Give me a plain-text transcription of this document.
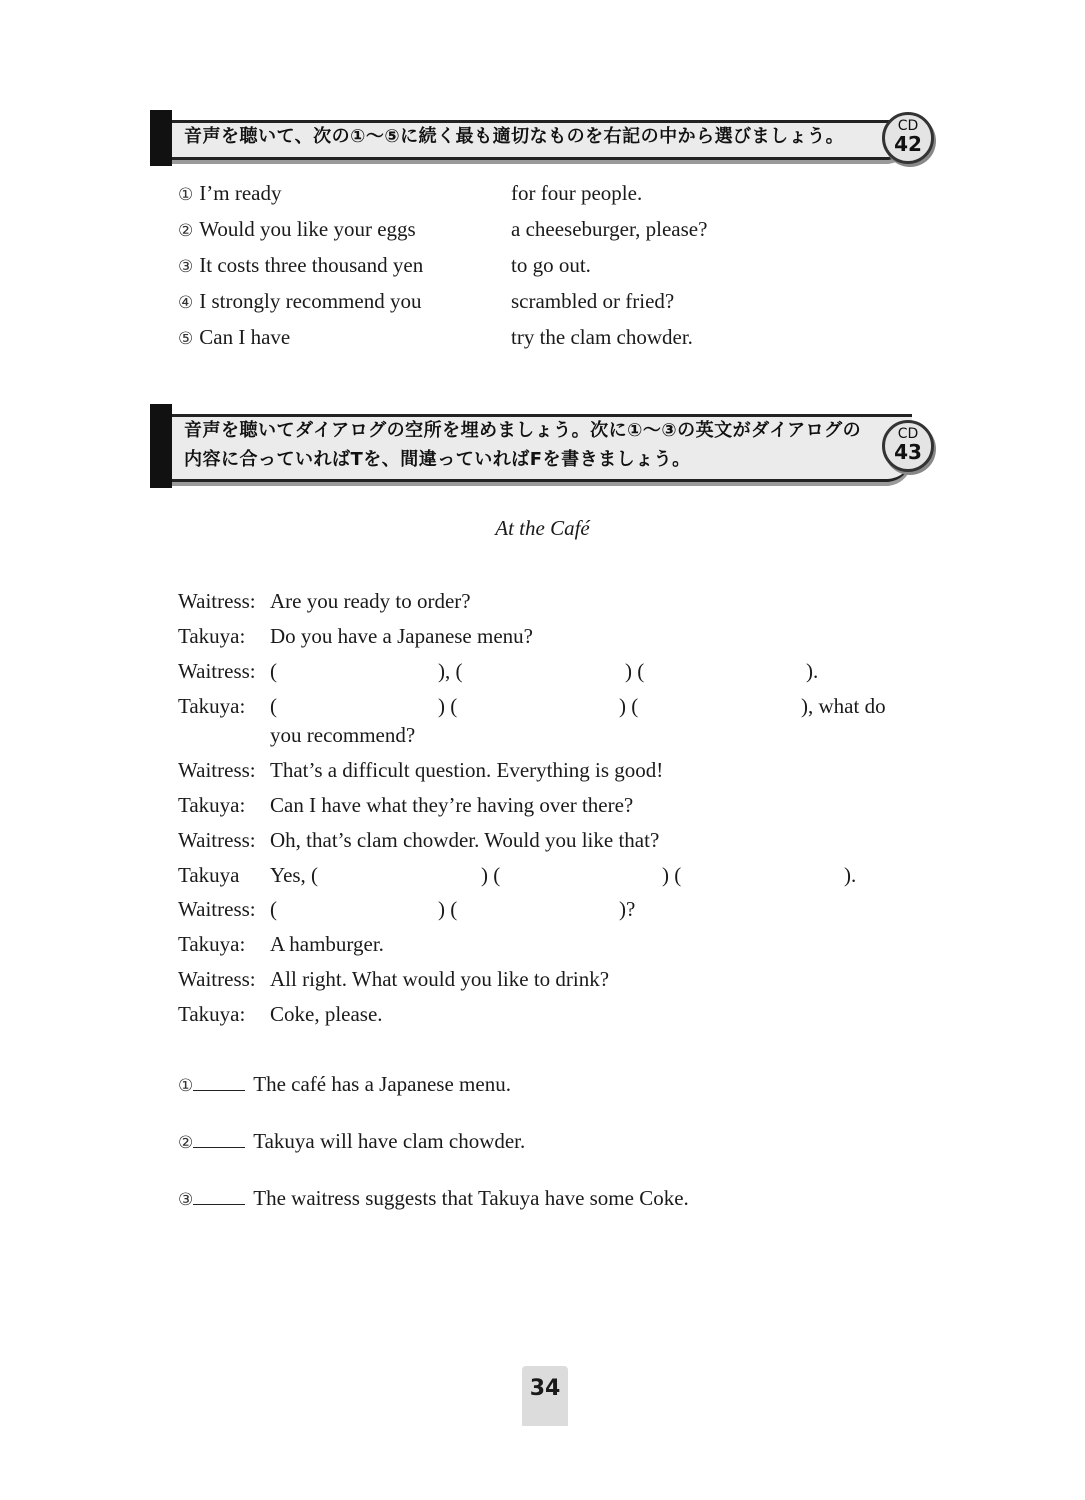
音声を聴いて、次の①～⑤に続く最も適切なものを右記の中から選びましょう。	CD
42
① I’m ready	for four people.
② Would you like your eggs	a cheeseburger, please?
③ It costs three thousand yen	to go out.
④ I strongly recommend you	scrambled or fried?
⑤ Can I have	try the clam chowder.
音声を聴いてダイアログの空所を埋めましょう。次に①～③の英文がダイアログの
内容に合っていればTを、間違っていればFを書きましょう。
CD
43
At the Café
Waitress: Are you ready to order?
Takuya: Do you have a Japanese menu?
Waitress: (	), (	) (	).
Takuya: (	) (	) (	), what do
you recommend?
Waitress: That’s a difficult question. Everything is good!
Takuya: Can I have what they’re having over there?
Waitress: Oh, that’s clam chowder. Would you like that?
Takuya Yes, (	) (	) (	).
Waitress: (	) (	)?
Takuya: A hamburger.
Waitress: All right. What would you like to drink?
Takuya: Coke, please.
①	The café has a Japanese menu.
②	Takuya will have clam chowder.
③	The waitress suggests that Takuya have some Coke.
34
